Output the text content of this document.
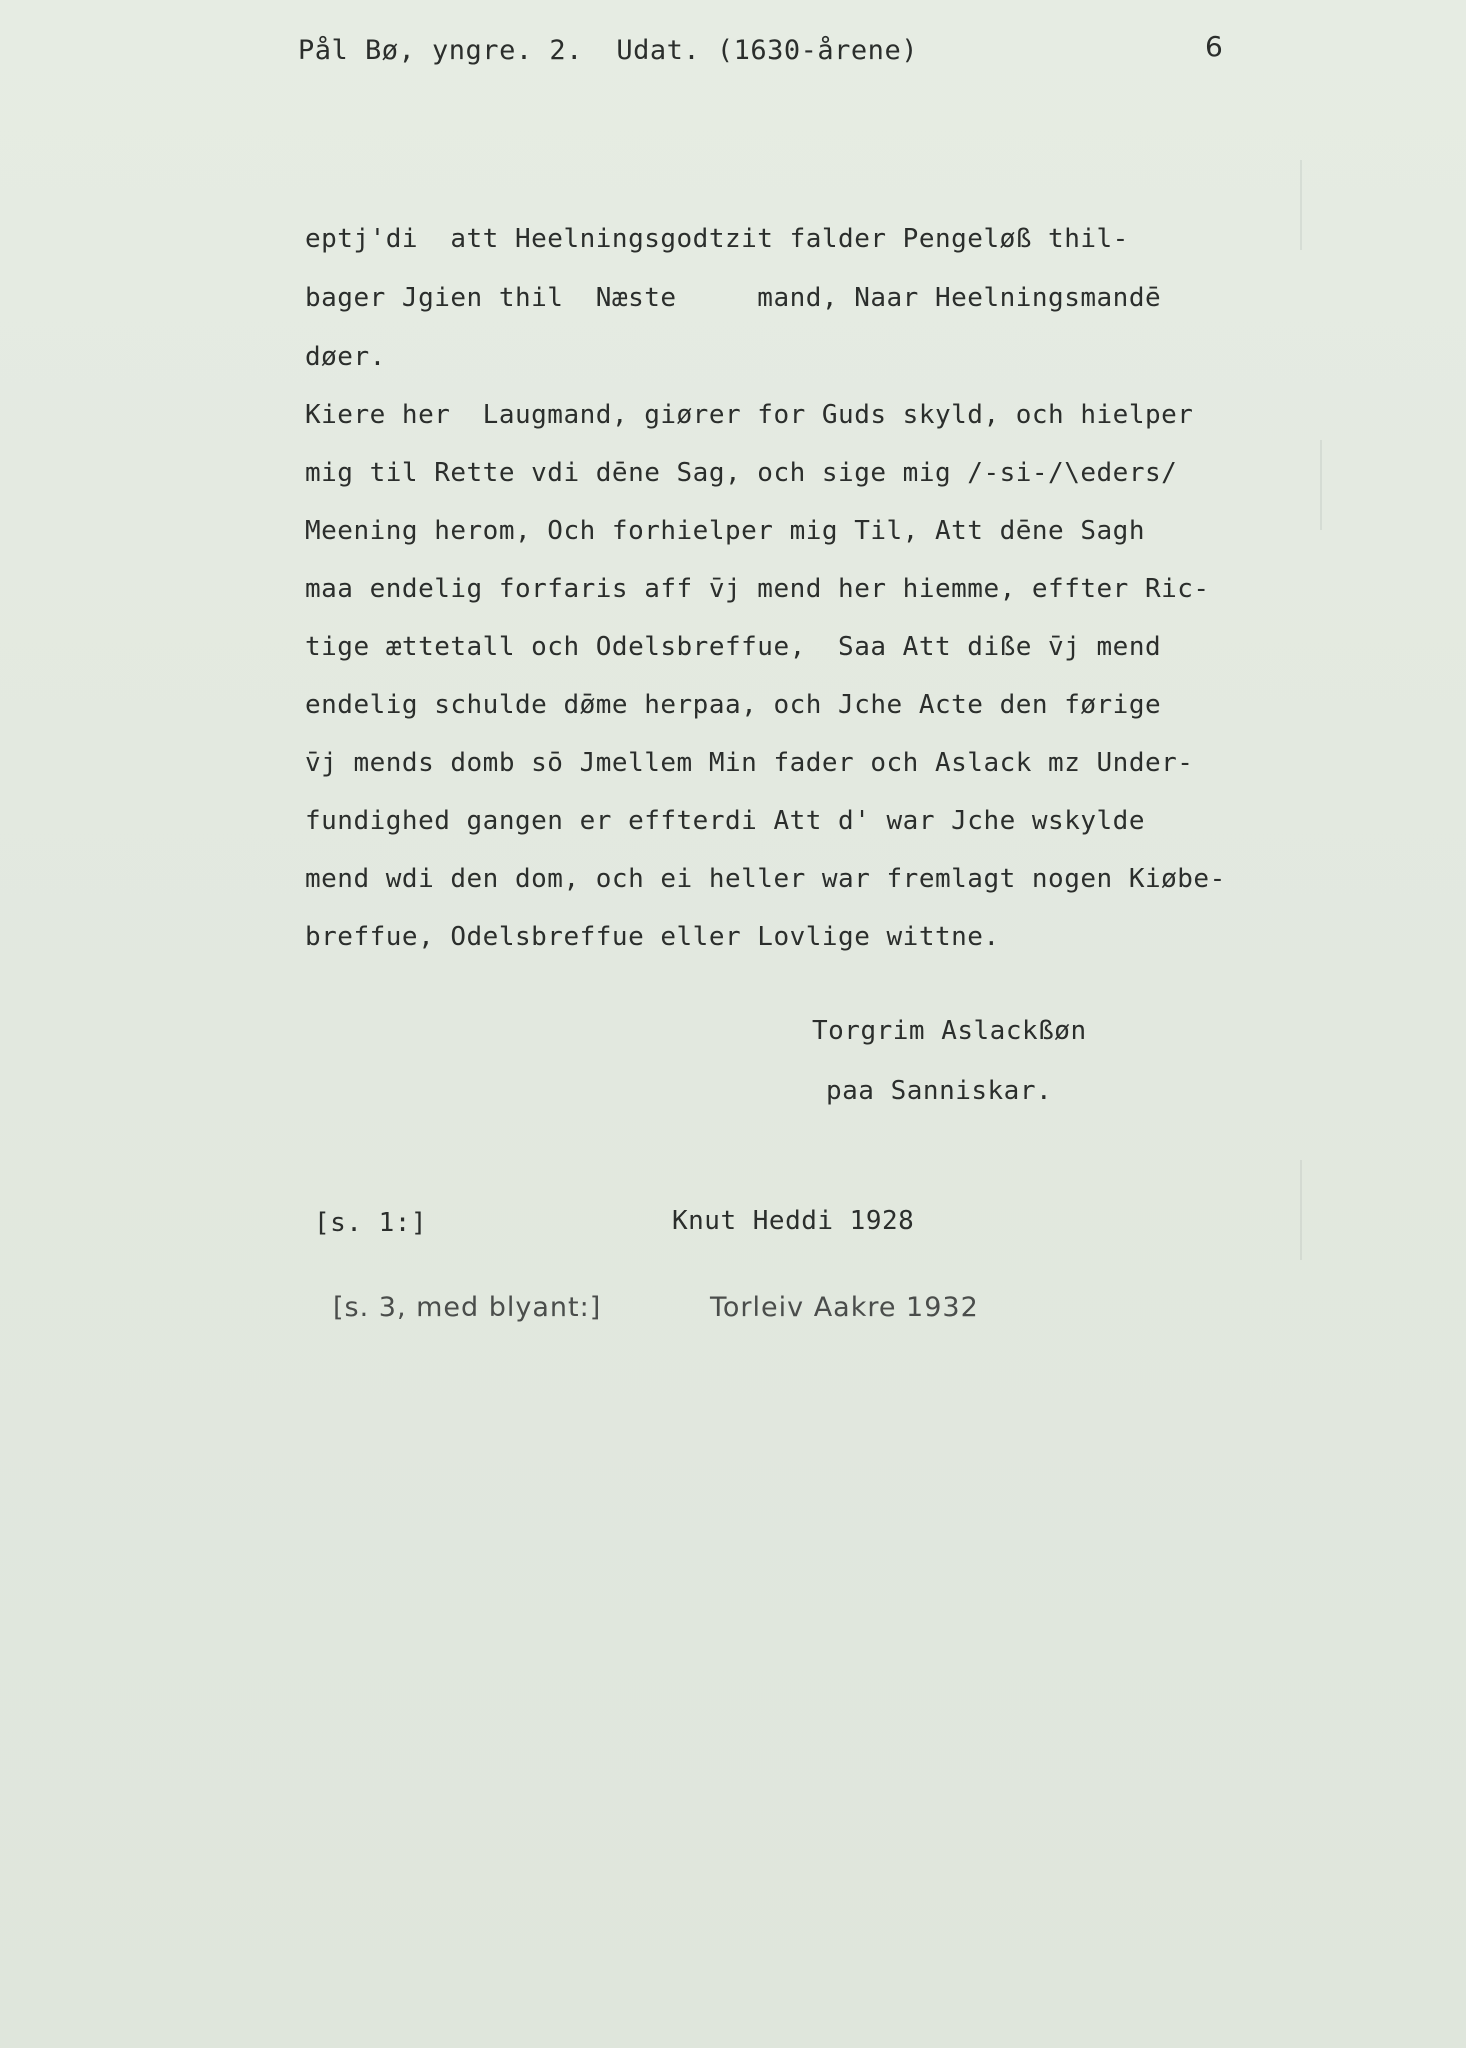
Pål Bø, yngre. 2.  Udat. (1630-årene)	6
eptj'di  att Heelningsgodtzit falder Pengeløß thil-
bager Jgien thil  Næste     mand, Naar Heelningsmandē
døer.
Kiere her  Laugmand, giører for Guds skyld, och hielper
mig til Rette vdi dēne Sag, och sige mig /-si-/\eders/
Meening herom, Och forhielper mig Til, Att dēne Sagh
maa endelig forfaris aff v̄j mend her hiemme, effter Ric-
tige ættetall och Odelsbreffue,  Saa Att diße v̄j mend
endelig schulde dø̄me herpaa, och Jche Acte den førige
v̄j mends domb sō Jmellem Min fader och Aslack mz Under-
fundighed gangen er effterdi Att d' war Jche wskylde
mend wdi den dom, och ei heller war fremlagt nogen Kiøbe-
breffue, Odelsbreffue eller Lovlige wittne.
Torgrim Aslackßøn
paa Sanniskar.
[s. 1:]	Knut Heddi 1928
[s. 3, med blyant:]	Torleiv Aakre 1932
